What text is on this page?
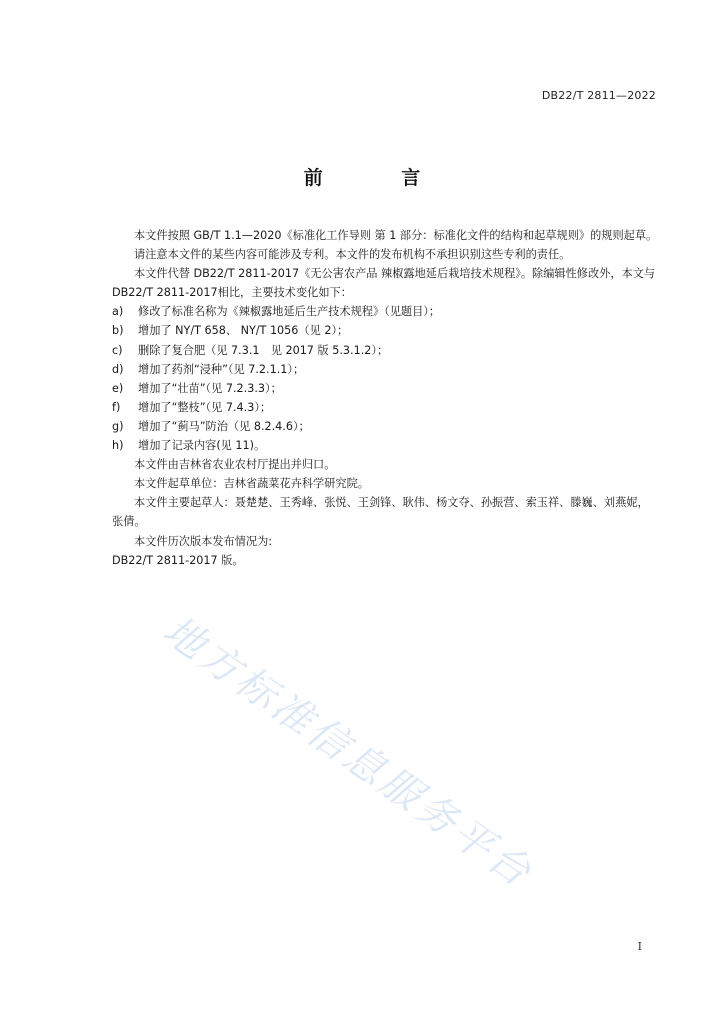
DB22/T 2811—2022
前 言

本文件按照 GB/T 1.1—2020《标准化工作导则 第 1 部分：标准化文件的结构和起草规则》的规则起草。

请注意本文件的某些内容可能涉及专利。本文件的发布机构不承担识别这些专利的责任。

本文件代替 DB22/T 2811-2017《无公害农产品 辣椒露地延后栽培技术规程》。除编辑性修改外，本文与 DB22/T 2811-2017相比，主要技术变化如下：

a)	修改了标准名称为《辣椒露地延后生产技术规程》（见题目）；
b)	增加了 NY/T 658、 NY/T 1056（见 2）；
c)	删除了复合肥（见 7.3.1　见 2017 版 5.3.1.2）；
d)	增加了药剂“浸种”（见 7.2.1.1）；
e)	增加了“壮苗”（见 7.2.3.3）；
f)	增加了“整枝”（见 7.4.3）；
g)	增加了“蓟马”防治（见 8.2.4.6）；
h)	增加了记录内容(见 11)。

本文件由吉林省农业农村厅提出并归口。

本文件起草单位：吉林省蔬菜花卉科学研究院。

本文件主要起草人：聂楚楚、王秀峰、张悦、王剑锋、耿伟、杨文夺、孙振营、索玉祥、滕巍、刘燕妮，张倩。

本文件历次版本发布情况为:

DB22/T 2811-2017 版。

地方标准信息服务平台
I
